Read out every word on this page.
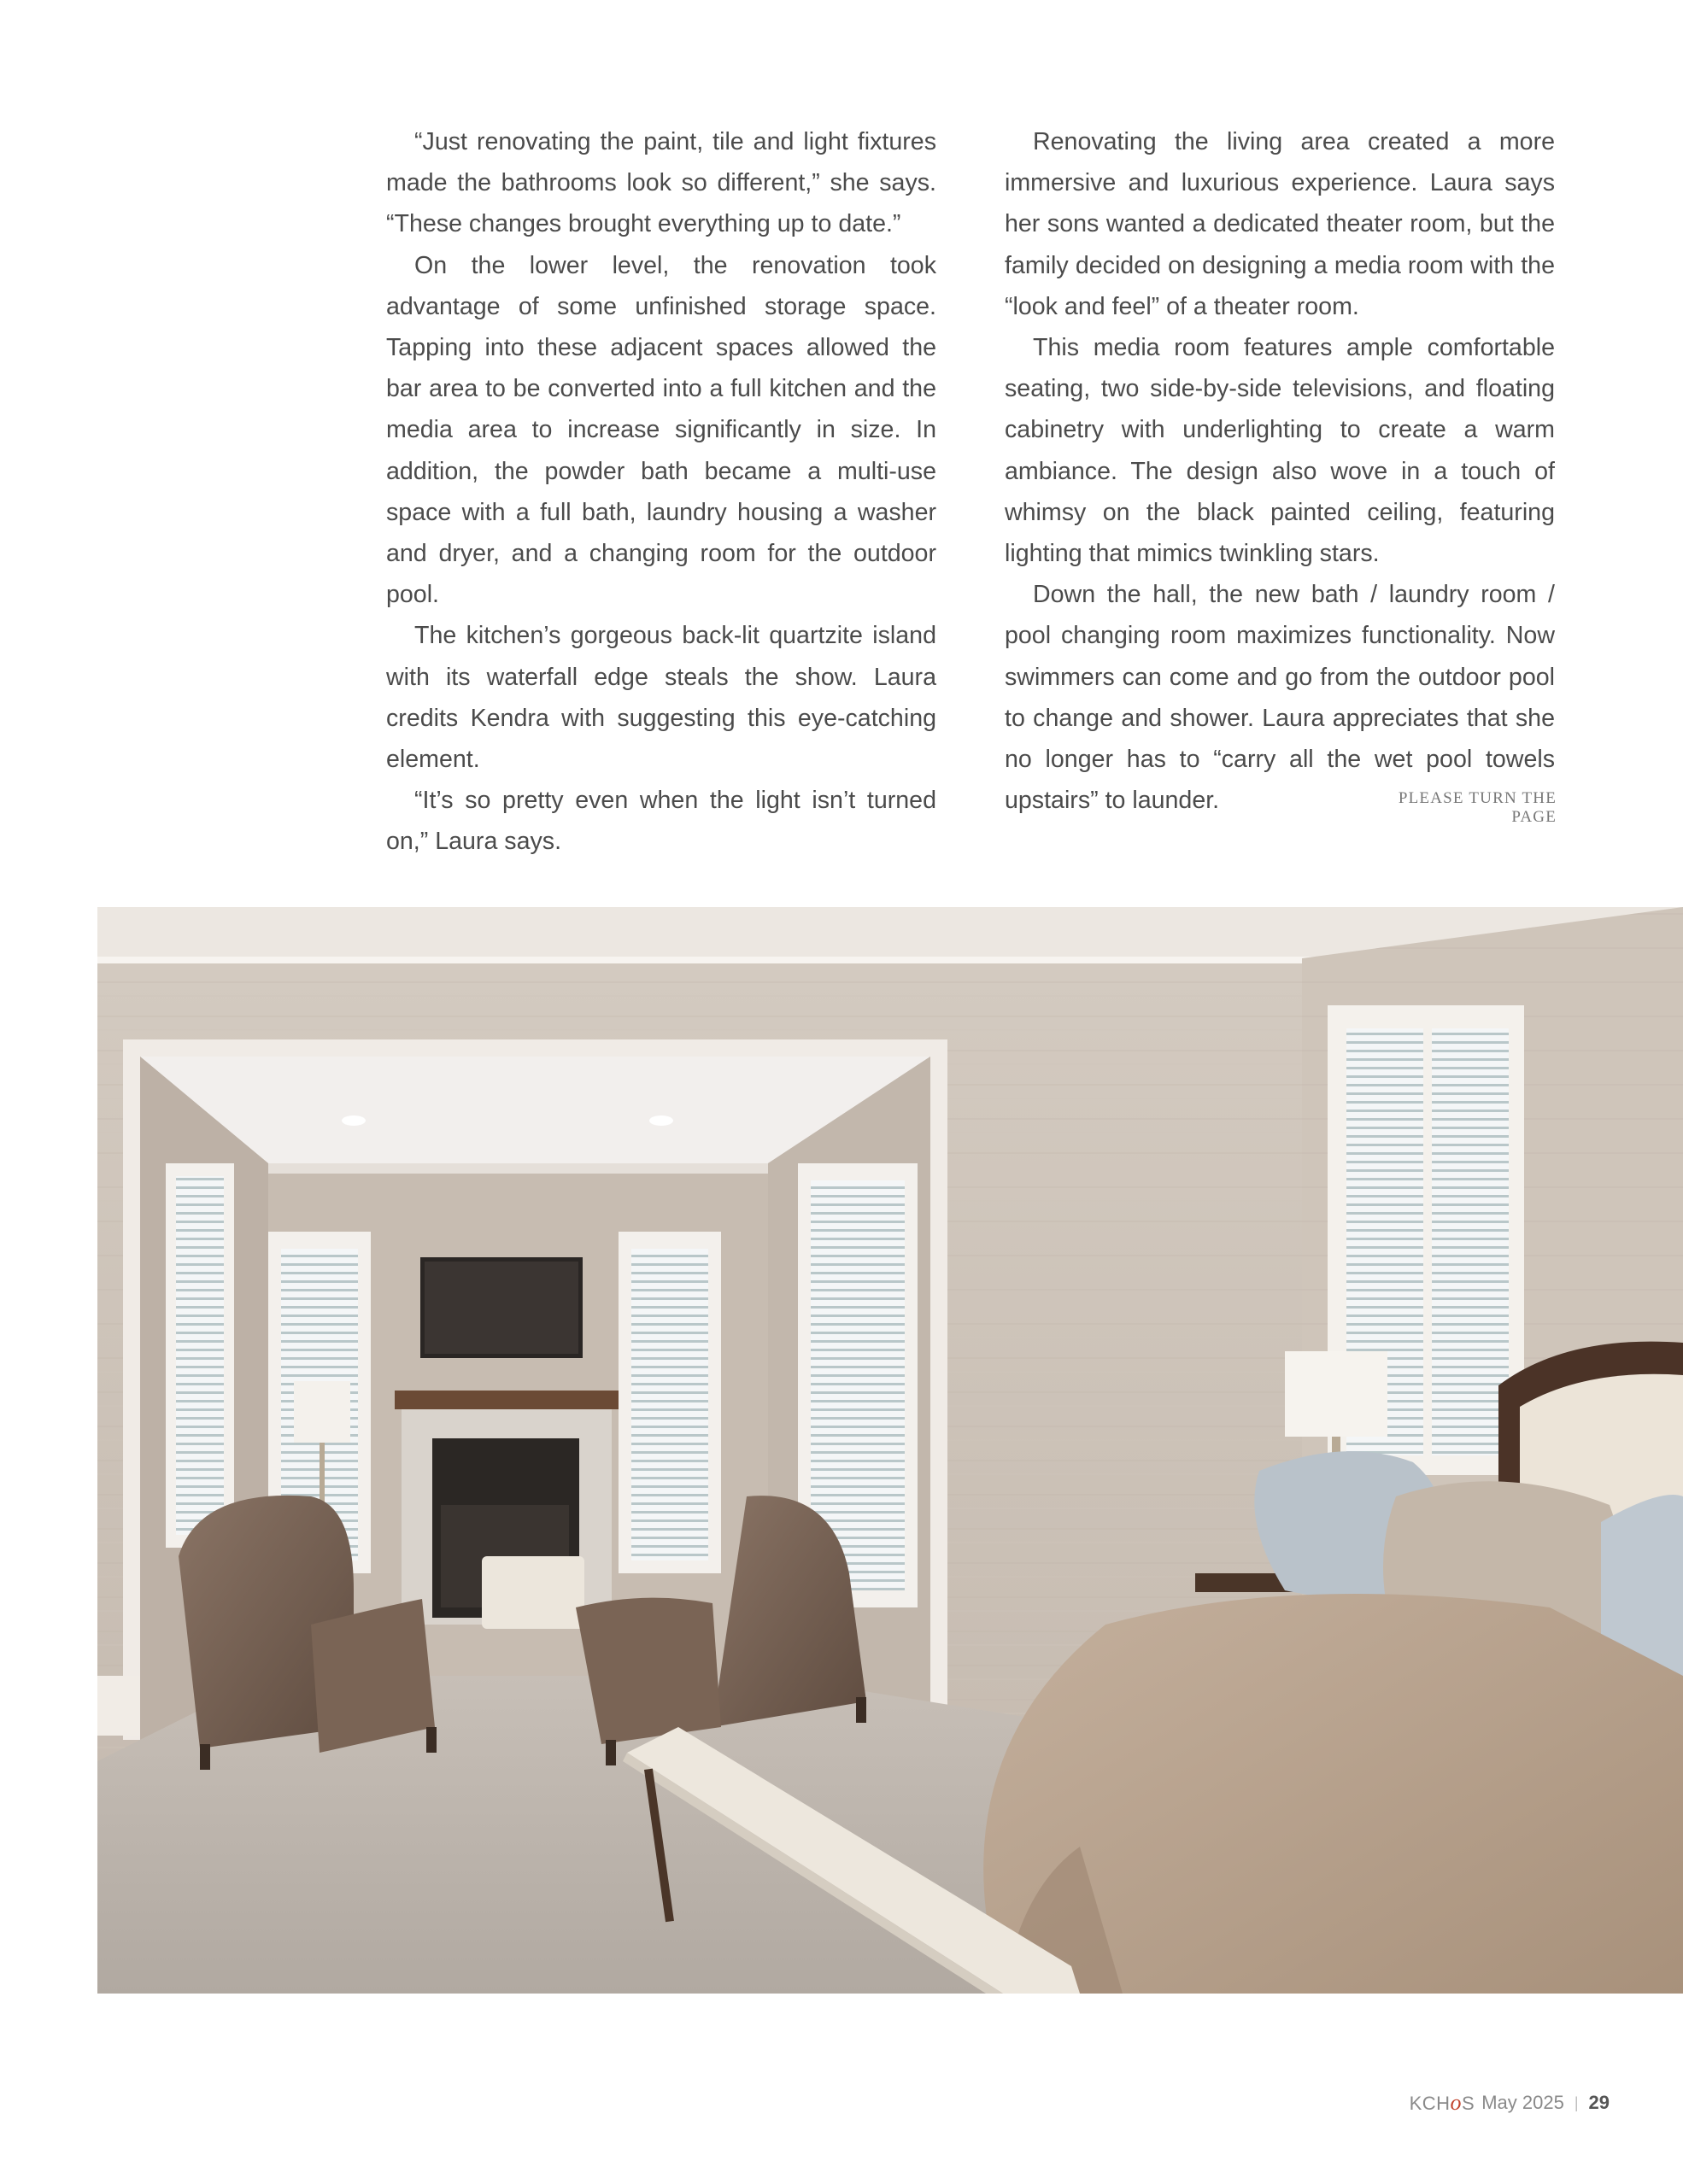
“Just renovating the paint, tile and light fixtures made the bathrooms look so different,” she says. “These changes brought everything up to date.”

On the lower level, the renovation took advantage of some unfinished storage space. Tapping into these adjacent spaces allowed the bar area to be converted into a full kitchen and the media area to increase significantly in size. In addition, the powder bath became a multi-use space with a full bath, laundry housing a washer and dryer, and a changing room for the outdoor pool.

The kitchen’s gorgeous back-lit quartzite island with its waterfall edge steals the show. Laura credits Kendra with suggesting this eye-catching element.

“It’s so pretty even when the light isn’t turned on,” Laura says.

Renovating the living area created a more immersive and luxurious experience. Laura says her sons wanted a dedicated theater room, but the family decided on designing a media room with the “look and feel” of a theater room.

This media room features ample comfortable seating, two side-by-side televisions, and floating cabinetry with underlighting to create a warm ambiance. The design also wove in a touch of whimsy on the black painted ceiling, featuring lighting that mimics twinkling stars.

Down the hall, the new bath / laundry room / pool changing room maximizes functionality. Now swimmers can come and go from the outdoor pool to change and shower. Laura appreciates that she no longer has to “carry all the wet pool towels upstairs” to launder.	PLEASE TURN THE PAGE
KCHoS May 2025 | 29
